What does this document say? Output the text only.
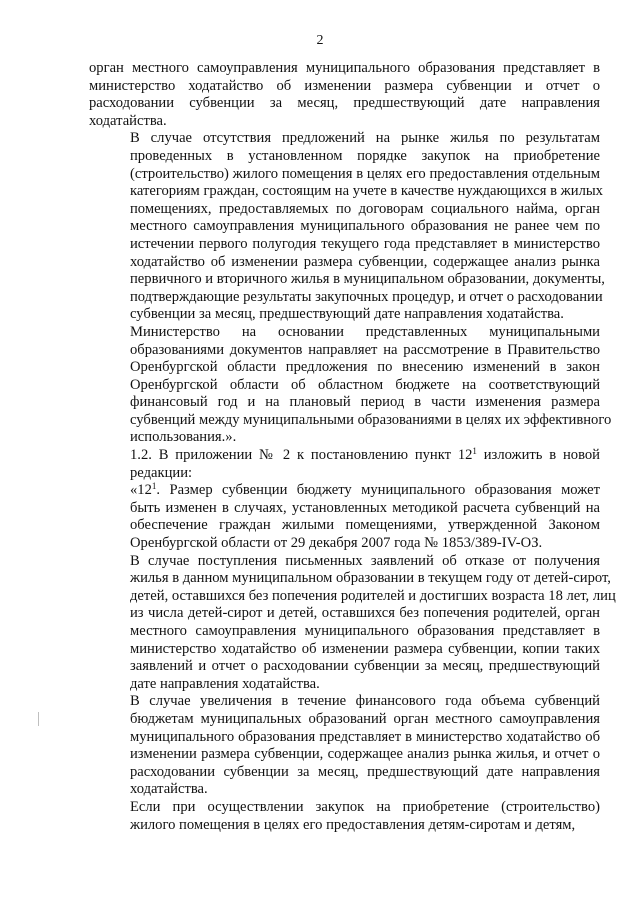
2

орган местного самоуправления муниципального образования представляет в
министерство ходатайство об изменении размера субвенции и отчет о
расходовании субвенции за месяц, предшествующий дате направления
ходатайства.

В случае отсутствия предложений на рынке жилья по результатам
проведенных в установленном порядке закупок на приобретение
(строительство) жилого помещения в целях его предоставления отдельным
категориям граждан, состоящим на учете в качестве нуждающихся в жилых
помещениях, предоставляемых по договорам социального найма, орган
местного самоуправления муниципального образования не ранее чем по
истечении первого полугодия текущего года представляет в министерство
ходатайство об изменении размера субвенции, содержащее анализ рынка
первичного и вторичного жилья в муниципальном образовании, документы,
подтверждающие результаты закупочных процедур, и отчет о расходовании
субвенции за месяц, предшествующий дате направления ходатайства.

Министерство на основании представленных муниципальными
образованиями документов направляет на рассмотрение в Правительство
Оренбургской области предложения по внесению изменений в закон
Оренбургской области об областном бюджете на соответствующий
финансовый год и на плановый период в части изменения размера
субвенций между муниципальными образованиями в целях их эффективного
использования.».

1.2. В приложении № 2 к постановлению пункт $12^1$ изложить в новой
редакции:

«$12^1$. Размер субвенции бюджету муниципального образования может
быть изменен в случаях, установленных методикой расчета субвенций на
обеспечение граждан жилыми помещениями, утвержденной Законом
Оренбургской области от 29 декабря 2007 года № 1853/389-IV-ОЗ.

В случае поступления письменных заявлений об отказе от получения
жилья в данном муниципальном образовании в текущем году от детей-сирот,
детей, оставшихся без попечения родителей и достигших возраста 18 лет, лиц
из числа детей-сирот и детей, оставшихся без попечения родителей, орган
местного самоуправления муниципального образования представляет в
министерство ходатайство об изменении размера субвенции, копии таких
заявлений и отчет о расходовании субвенции за месяц, предшествующий
дате направления ходатайства.

В случае увеличения в течение финансового года объема субвенций
бюджетам муниципальных образований орган местного самоуправления
муниципального образования представляет в министерство ходатайство об
изменении размера субвенции, содержащее анализ рынка жилья, и отчет о
расходовании субвенции за месяц, предшествующий дате направления
ходатайства.

Если при осуществлении закупок на приобретение (строительство)
жилого помещения в целях его предоставления детям-сиротам и детям,
